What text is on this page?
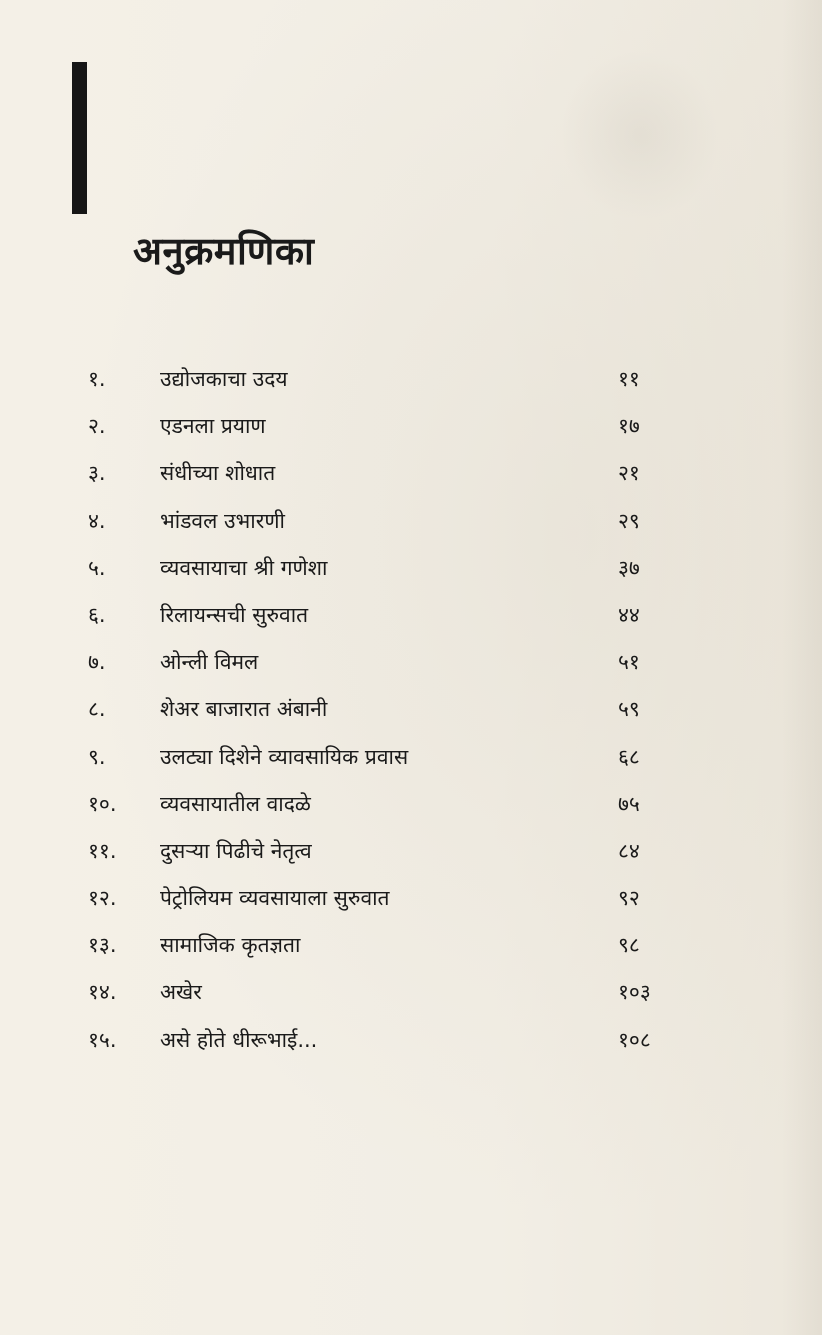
अनुक्रमणिका
१.	उद्योजकाचा उदय	११
२.	एडनला प्रयाण	१७
३.	संधीच्या शोधात	२१
४.	भांडवल उभारणी	२९
५.	व्यवसायाचा श्री गणेशा	३७
६.	रिलायन्सची सुरुवात	४४
७.	ओन्ली विमल	५१
८.	शेअर बाजारात अंबानी	५९
९.	उलट्या दिशेने व्यावसायिक प्रवास	६८
१०.	व्यवसायातील वादळे	७५
११.	दुसऱ्या पिढीचे नेतृत्व	८४
१२.	पेट्रोलियम व्यवसायाला सुरुवात	९२
१३.	सामाजिक कृतज्ञता	९८
१४.	अखेर	१०३
१५.	असे होते धीरूभाई...	१०८
